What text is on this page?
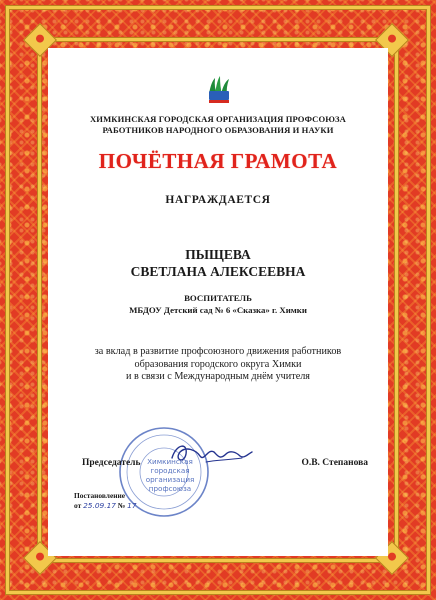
ХИМКИНСКАЯ ГОРОДСКАЯ ОРГАНИЗАЦИЯ ПРОФСОЮЗА
РАБОТНИКОВ НАРОДНОГО ОБРАЗОВАНИЯ И НАУКИ
ПОЧЁТНАЯ ГРАМОТА
НАГРАЖДАЕТСЯ
ПЫЩЕВА
СВЕТЛАНА АЛЕКСЕЕВНА
ВОСПИТАТЕЛЬ
МБДОУ Детский сад № 6 «Сказка» г. Химки
за вклад в развитие профсоюзного движения работников
образования городского округа Химки
и в связи с Международным днём учителя
Химкинская
городская
организация
профсоюза
Председатель	О.В. Степанова
Постановление
от 25.09.17 № 17
